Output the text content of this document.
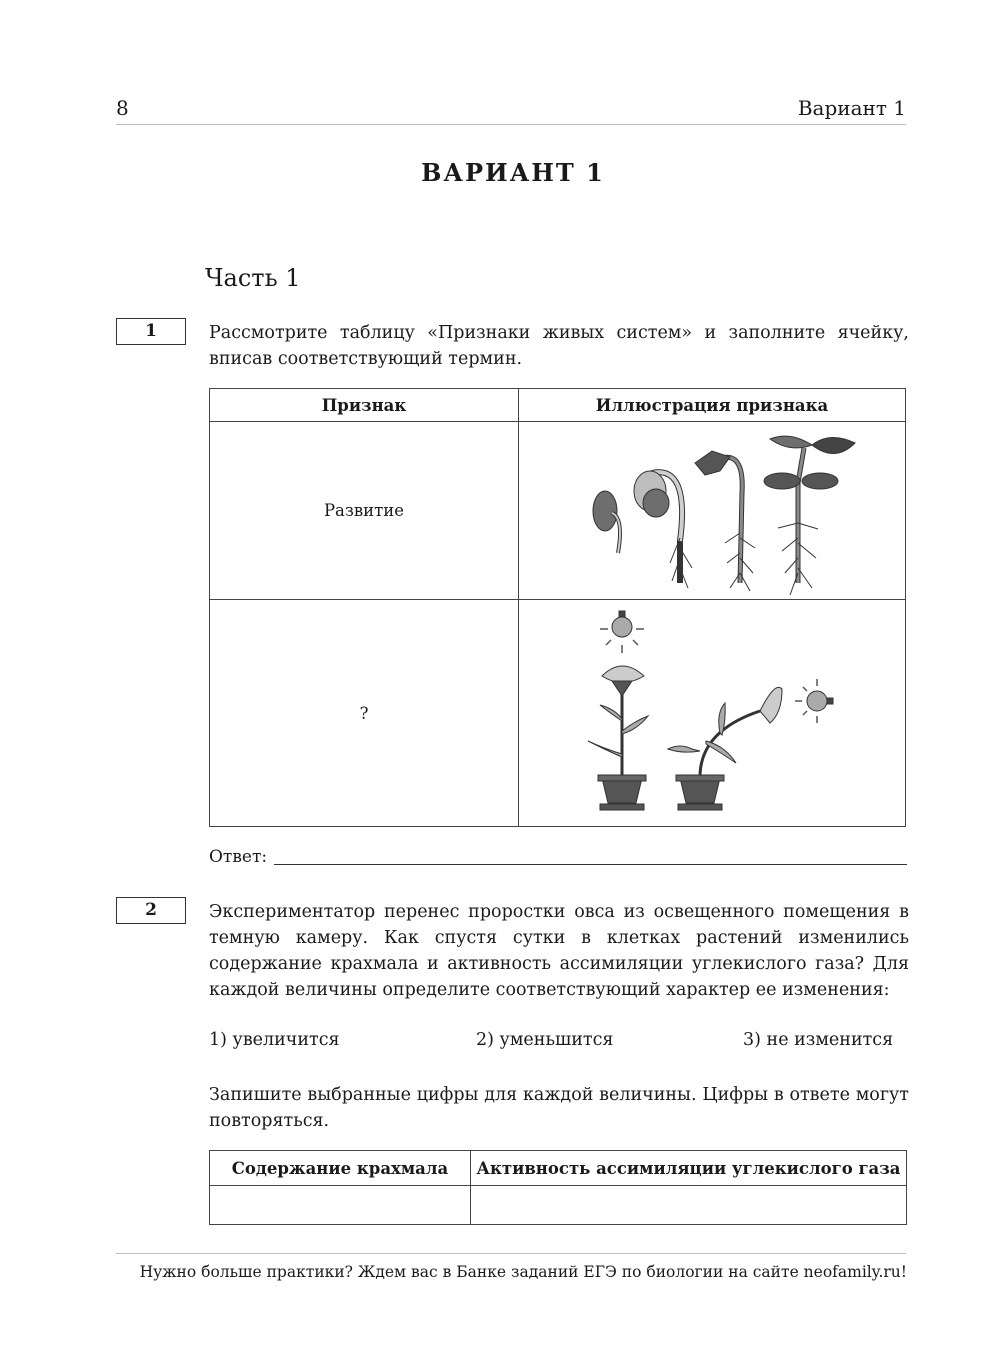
8	Вариант 1
ВАРИАНТ 1
Часть 1
1	Рассмотрите таблицу «Признаки живых систем» и заполните ячейку, вписав соответствующий термин.
Признак	Иллюстрация признака
Развитие	

?	
Ответ:
2	Экспериментатор перенес проростки овса из освещенного помещения в темную камеру. Как спустя сутки в клетках растений изменились содержание крахмала и активность ассимиляции углекислого газа? Для каждой величины определите соответствующий характер ее изменения:
1) увеличится	2) уменьшится	3) не изменится
Запишите выбранные цифры для каждой величины. Цифры в ответе могут повторяться.
Содержание крахмала	Активность ассимиляции углекислого газа

Нужно больше практики? Ждем вас в Банке заданий ЕГЭ по биологии на сайте neofamily.ru!
